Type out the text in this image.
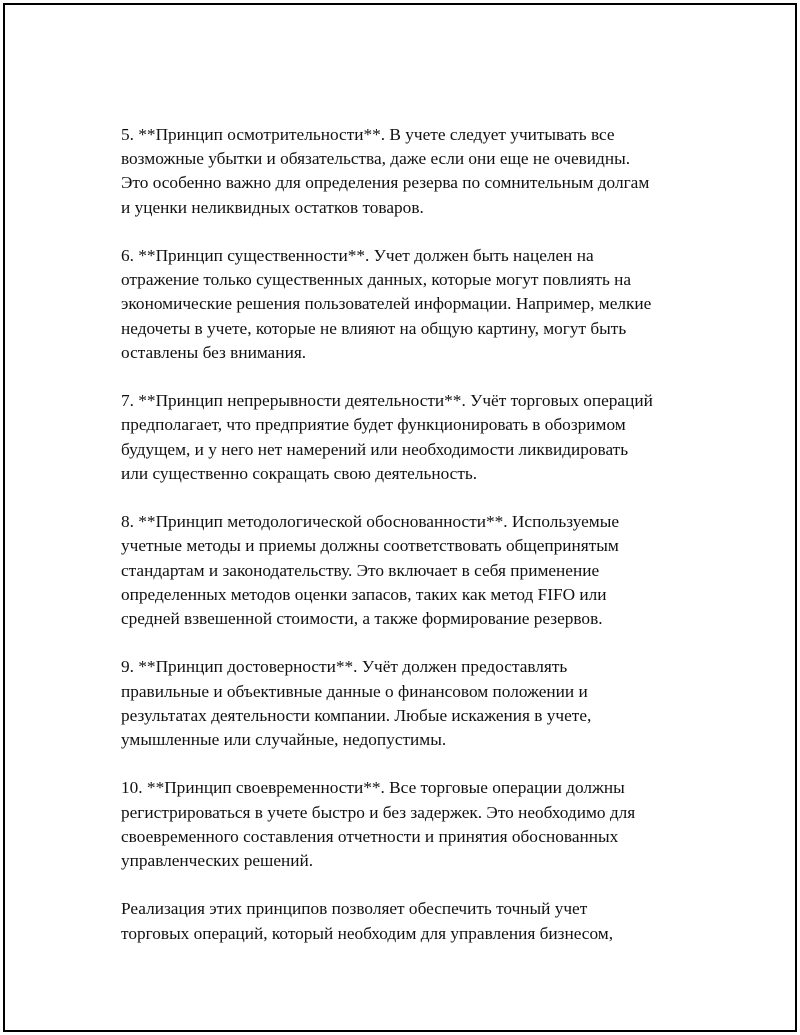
5. **Принцип осмотрительности**. В учете следует учитывать все
возможные убытки и обязательства, даже если они еще не очевидны.
Это особенно важно для определения резерва по сомнительным долгам
и уценки неликвидных остатков товаров.

6. **Принцип существенности**. Учет должен быть нацелен на
отражение только существенных данных, которые могут повлиять на
экономические решения пользователей информации. Например, мелкие
недочеты в учете, которые не влияют на общую картину, могут быть
оставлены без внимания.

7. **Принцип непрерывности деятельности**. Учёт торговых операций
предполагает, что предприятие будет функционировать в обозримом
будущем, и у него нет намерений или необходимости ликвидировать
или существенно сокращать свою деятельность.

8. **Принцип методологической обоснованности**. Используемые
учетные методы и приемы должны соответствовать общепринятым
стандартам и законодательству. Это включает в себя применение
определенных методов оценки запасов, таких как метод FIFO или
средней взвешенной стоимости, а также формирование резервов.

9. **Принцип достоверности**. Учёт должен предоставлять
правильные и объективные данные о финансовом положении и
результатах деятельности компании. Любые искажения в учете,
умышленные или случайные, недопустимы.

10. **Принцип своевременности**. Все торговые операции должны
регистрироваться в учете быстро и без задержек. Это необходимо для
своевременного составления отчетности и принятия обоснованных
управленческих решений.

Реализация этих принципов позволяет обеспечить точный учет
торговых операций, который необходим для управления бизнесом,
